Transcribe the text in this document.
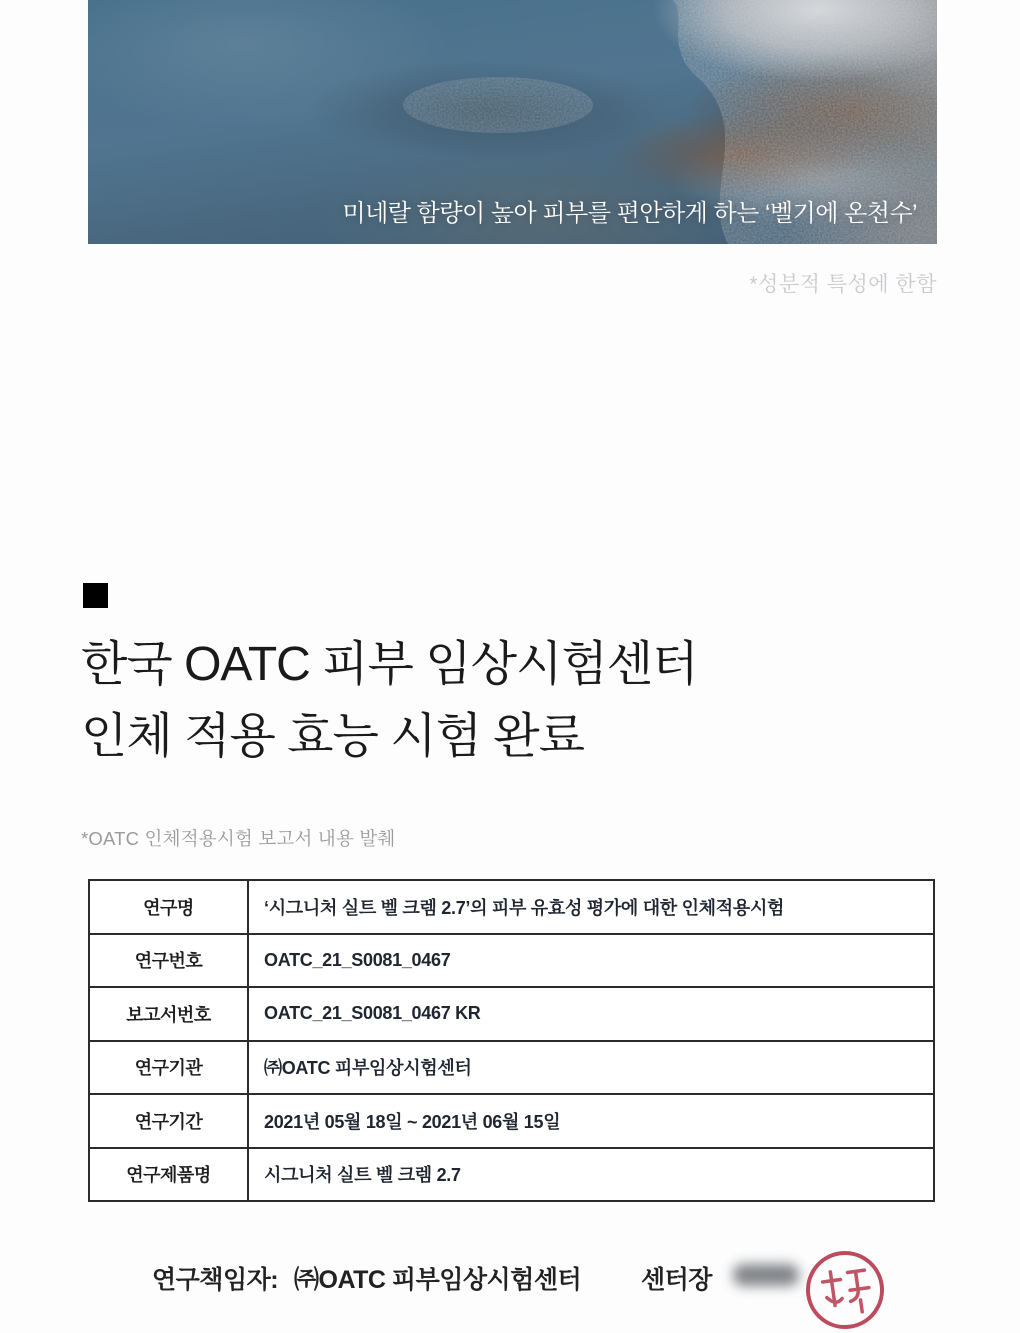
미네랄 함량이 높아 피부를 편안하게 하는 ‘벨기에 온천수’
*성분적 특성에 한함
한국 OATC 피부 임상시험센터
인체 적용 효능 시험 완료
*OATC 인체적용시험 보고서 내용 발췌
연구명	‘시그니처 실트 벨 크렘 2.7’의 피부 유효성 평가에 대한 인체적용시험
연구번호	OATC_21_S0081_0467
보고서번호	OATC_21_S0081_0467 KR
연구기관	㈜OATC 피부임상시험센터
연구기간	2021년 05월 18일 ~ 2021년 06월 15일
연구제품명	시그니처 실트 벨 크렘 2.7
연구책임자: ㈜OATC 피부임상시험센터 센터장
